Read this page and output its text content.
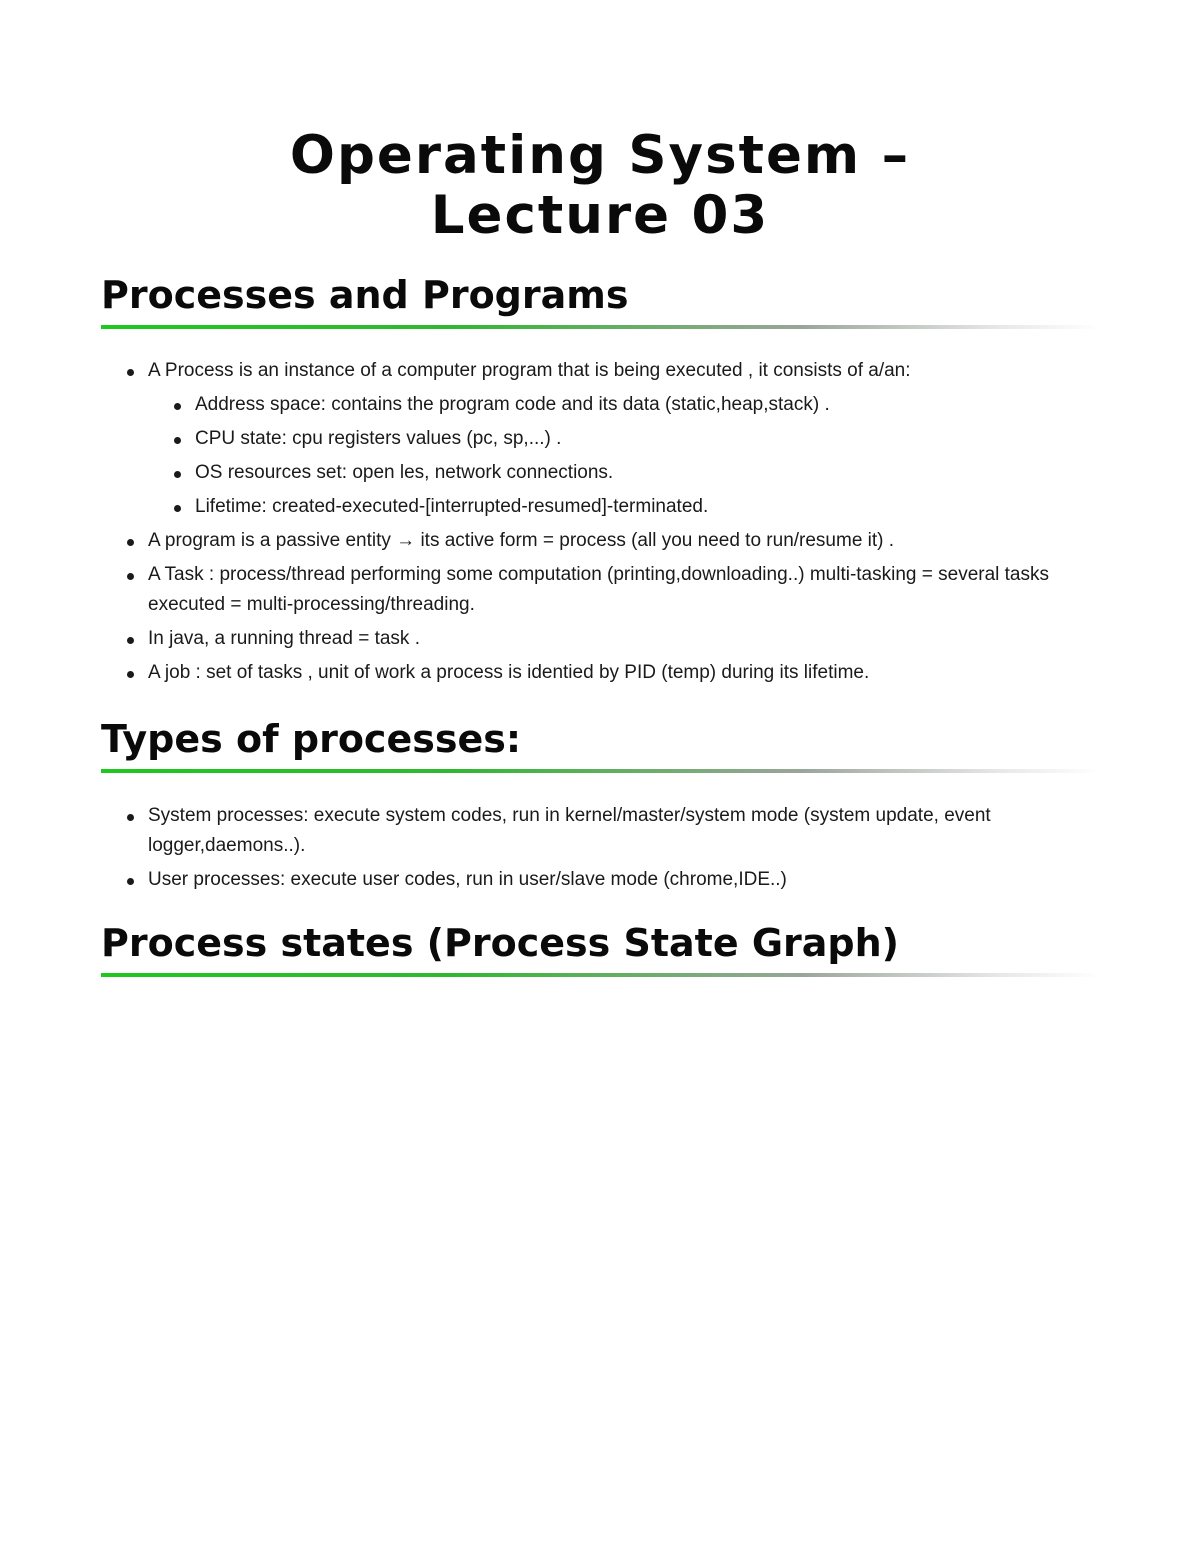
Operating System –
Lecture 03
Processes and Programs
A Process is an instance of a computer program that is being executed , it consists of a/an:
Address space: contains the program code and its data (static,heap,stack) .
CPU state: cpu registers values (pc, sp,...) .
OS resources set: open les, network connections.
Lifetime: created-executed-[interrupted-resumed]-terminated.
A program is a passive entity → its active form = process (all you need to run/resume it) .
A Task : process/thread performing some computation (printing,downloading..) multi-tasking = several tasks executed = multi-processing/threading.
In java, a running thread = task .
A job : set of tasks , unit of work a process is identied by PID (temp) during its lifetime.
Types of processes:
System processes: execute system codes, run in kernel/master/system mode (system update, event logger,daemons..).
User processes: execute user codes, run in user/slave mode (chrome,IDE..)
Process states (Process State Graph)
